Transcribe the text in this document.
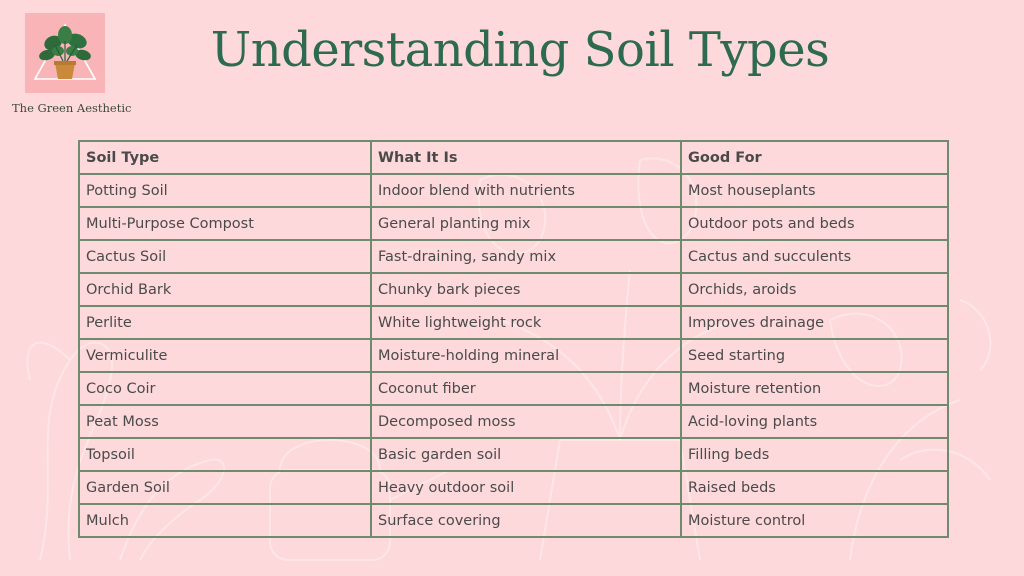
The Green Aesthetic
Understanding Soil Types
Soil Type	What It Is	Good For
Potting Soil	Indoor blend with nutrients	Most houseplants
Multi-Purpose Compost	General planting mix	Outdoor pots and beds
Cactus Soil	Fast-draining, sandy mix	Cactus and succulents
Orchid Bark	Chunky bark pieces	Orchids, aroids
Perlite	White lightweight rock	Improves drainage
Vermiculite	Moisture-holding mineral	Seed starting
Coco Coir	Coconut fiber	Moisture retention
Peat Moss	Decomposed moss	Acid-loving plants
Topsoil	Basic garden soil	Filling beds
Garden Soil	Heavy outdoor soil	Raised beds
Mulch	Surface covering	Moisture control
